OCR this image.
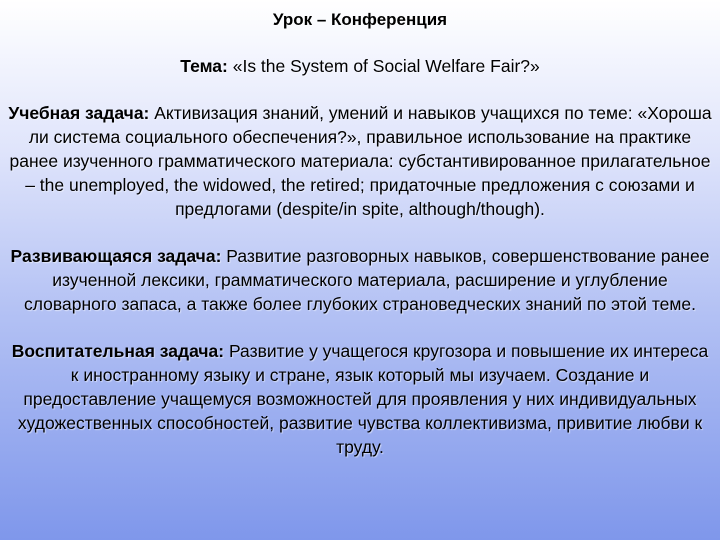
Урок – Конференция
Тема: «Is the System of Social Welfare Fair?»
Учебная задача: Активизация знаний, умений и навыков учащихся по теме: «Хороша ли система социального обеспечения?», правильное использование на практике ранее изученного грамматического материала: субстантивированное прилагательное – the unemployed, the widowed, the retired; придаточные предложения с союзами и предлогами (despite/in spite, although/though).
Развивающаяся задача: Развитие разговорных навыков, совершенствование ранее изученной лексики, грамматического материала, расширение и углубление словарного запаса, а также более глубоких страноведческих знаний по этой теме.
Воспитательная задача: Развитие у учащегося кругозора и повышение их интереса к иностранному языку и стране, язык который мы изучаем. Создание и предоставление учащемуся возможностей для проявления у них индивидуальных художественных способностей, развитие чувства коллективизма, привитие любви к труду.
